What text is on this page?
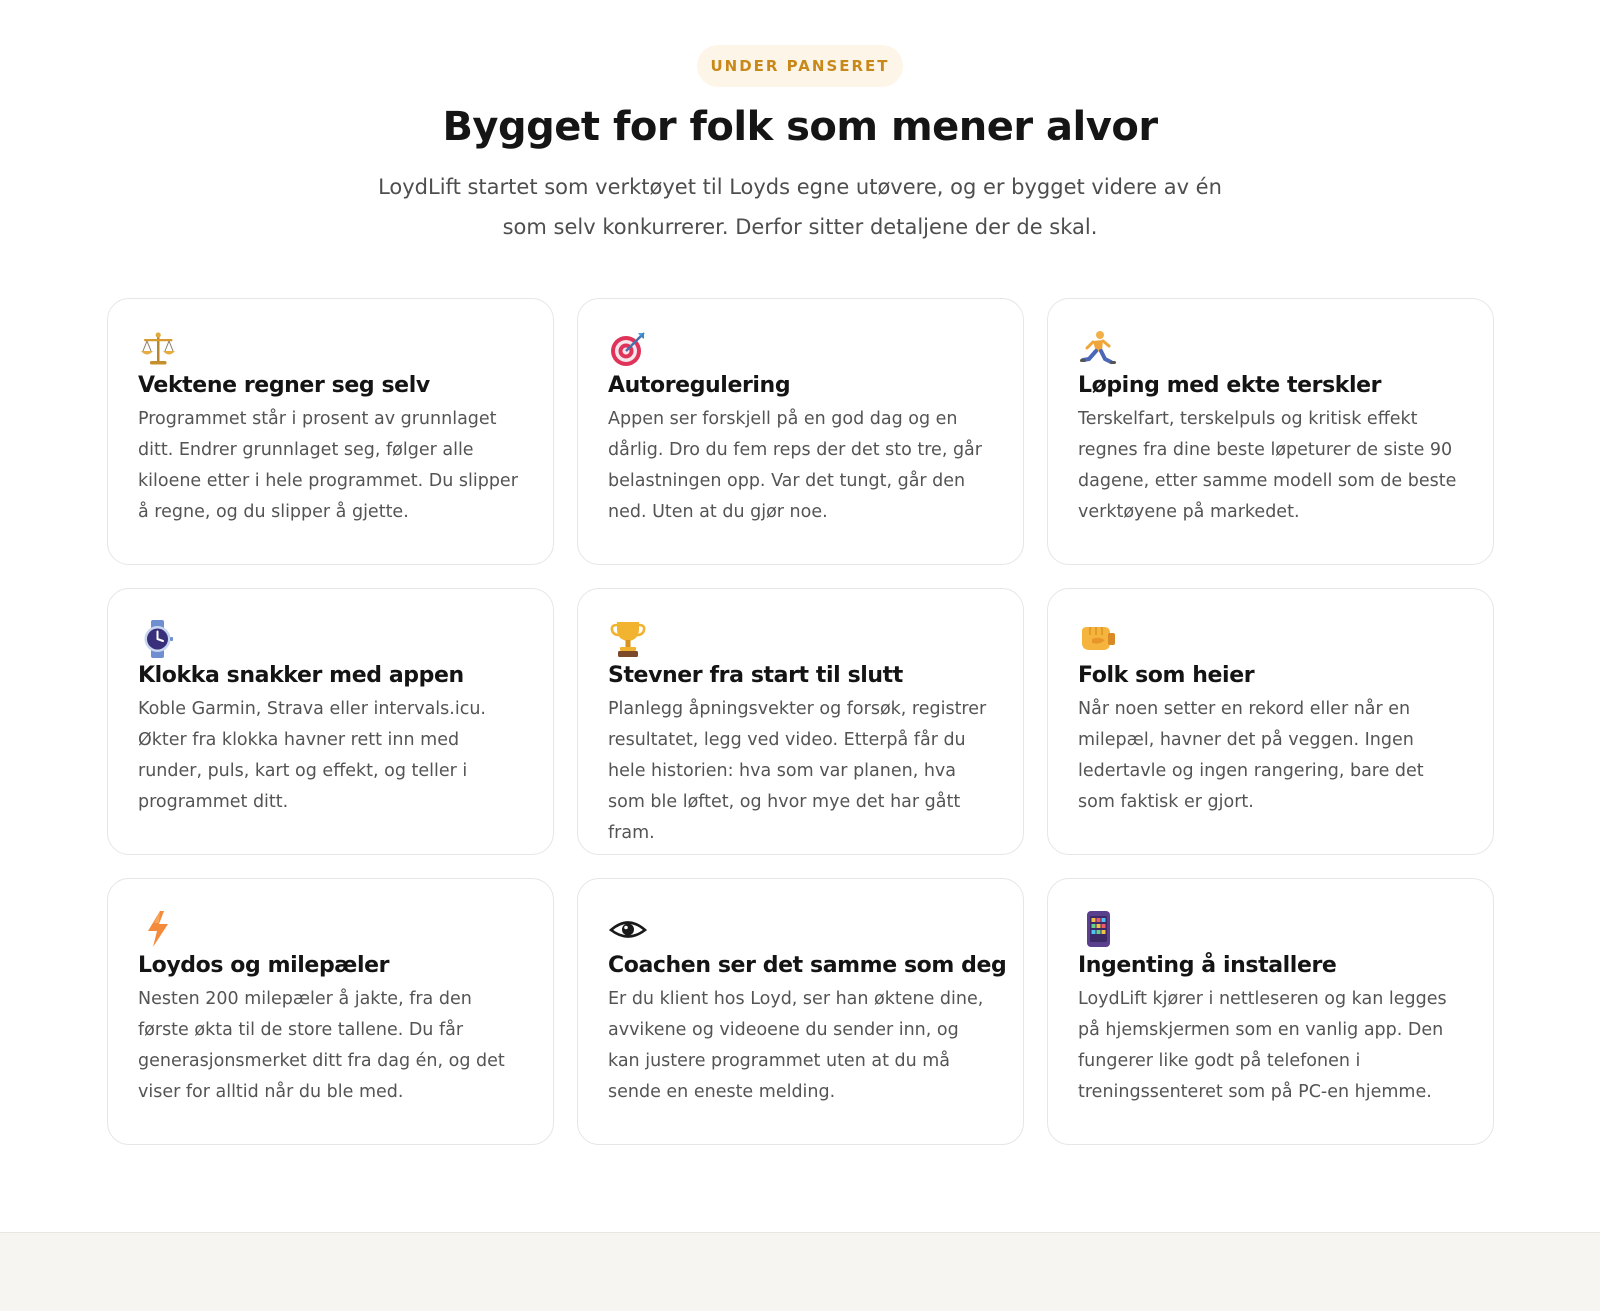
UNDER PANSERET
Bygget for folk som mener alvor

LoydLift startet som verktøyet til Loyds egne utøvere, og er bygget videre av én som selv konkurrerer. Derfor sitter detaljene der de skal.

Vektene regner seg selv

Programmet står i prosent av grunnlaget ditt. Endrer grunnlaget seg, følger alle kiloene etter i hele programmet. Du slipper å regne, og du slipper å gjette.

Autoregulering

Appen ser forskjell på en god dag og en dårlig. Dro du fem reps der det sto tre, går belastningen opp. Var det tungt, går den ned. Uten at du gjør noe.

Løping med ekte terskler

Terskelfart, terskelpuls og kritisk effekt regnes fra dine beste løpeturer de siste 90 dagene, etter samme modell som de beste verktøyene på markedet.

Klokka snakker med appen

Koble Garmin, Strava eller intervals.icu. Økter fra klokka havner rett inn med runder, puls, kart og effekt, og teller i programmet ditt.

Stevner fra start til slutt

Planlegg åpningsvekter og forsøk, registrer resultatet, legg ved video. Etterpå får du hele historien: hva som var planen, hva som ble løftet, og hvor mye det har gått fram.

Folk som heier

Når noen setter en rekord eller når en milepæl, havner det på veggen. Ingen ledertavle og ingen rangering, bare det som faktisk er gjort.

Loydos og milepæler

Nesten 200 milepæler å jakte, fra den første økta til de store tallene. Du får generasjonsmerket ditt fra dag én, og det viser for alltid når du ble med.

Coachen ser det samme som deg

Er du klient hos Loyd, ser han øktene dine, avvikene og videoene du sender inn, og kan justere programmet uten at du må sende en eneste melding.

Ingenting å installere

LoydLift kjører i nettleseren og kan legges på hjemskjermen som en vanlig app. Den fungerer like godt på telefonen i treningssenteret som på PC-en hjemme.
